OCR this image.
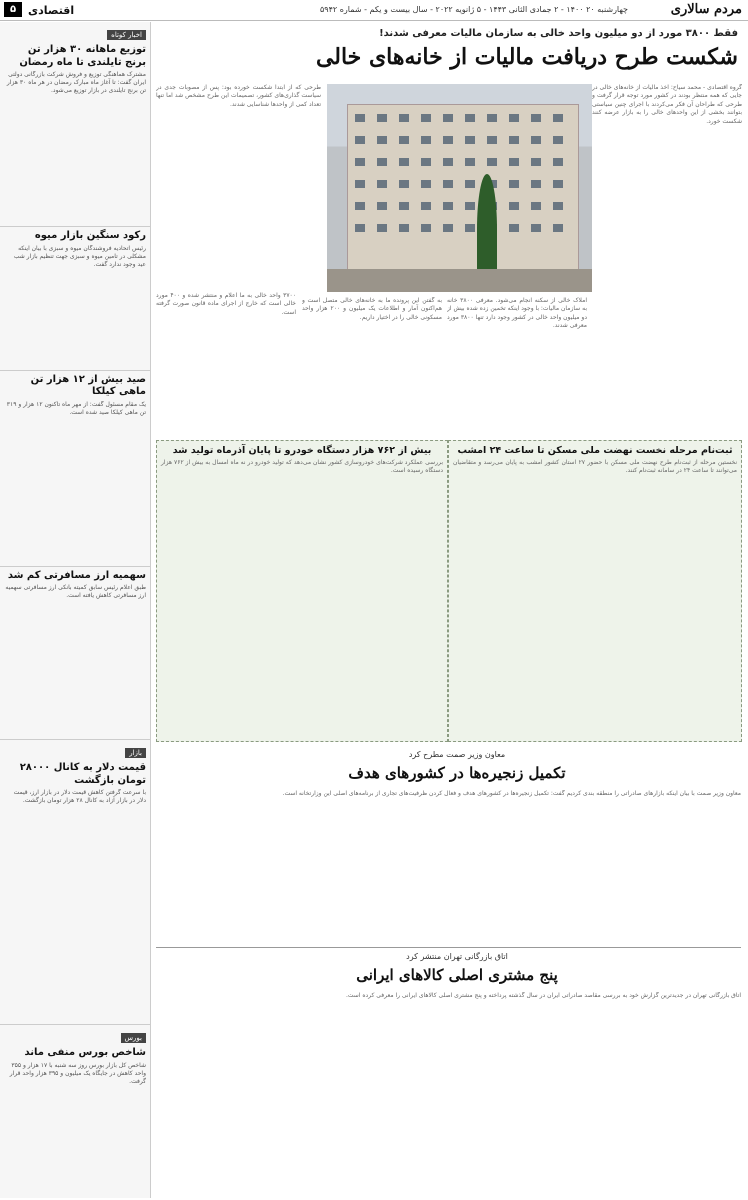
مردم سالاری
چهارشنبه ۲۰ ۱۴۰۰ - ۲ جمادی الثانی ۱۴۴۳ - ۵ ژانویه ۲۰۲۲ - سال بیست و یکم - شماره ۵۹۴۲
اقتصادی
۵
اخبار کوتاه
توزیع ماهانه ۳۰ هزار تن برنج تایلندی تا ماه رمضان
مشترک هماهنگی توزیع و فروش شرکت بازرگانی دولتی ایران گفت: تا آغاز ماه مبارک رمضان در هر ماه ۳۰ هزار تن برنج تایلندی در بازار توزیع می‌شود.
رکود سنگین بازار میوه
رئیس اتحادیه فروشندگان میوه و سبزی با بیان اینکه مشکلی در تامین میوه و سبزی جهت تنظیم بازار شب عید وجود ندارد گفت.
صید بیش از ۱۲ هزار تن ماهی کیلکا
یک مقام مسئول گفت: از مهر ماه تاکنون ۱۲ هزار و ۳۱۹ تن ماهی کیلکا صید شده است.
سهمیه ارز مسافرتی کم شد
طبق اعلام رئیس سابق کمیته بانکی ارز مسافرتی سهمیه ارز مسافرتی کاهش یافته است.
بازار
قیمت دلار به کانال ۲۸۰۰۰ تومان بازگشت
با سرعت گرفتن کاهش قیمت دلار در بازار ارز، قیمت دلار در بازار آزاد به کانال ۲۸ هزار تومان بازگشت.
بورس
شاخص بورس منفی ماند
شاخص کل بازار بورس روز سه شنبه با ۱۷ هزار و ۳۵۵ واحد کاهش در جایگاه یک میلیون و ۳۹۵ هزار واحد قرار گرفت.
فقط ۳۸۰۰ مورد از دو میلیون واحد خالی به سازمان مالیات معرفی شدند!
شکست طرح دریافت مالیات از خانه‌های خالی
گروه اقتصادی - محمد سیاح: اخذ مالیات از خانه‌های خالی در جایی که همه منتظر بودند در کشور مورد توجه قرار گرفت و طرحی که طراحان آن فکر می‌کردند با اجرای چنین سیاستی بتوانند بخشی از این واحدهای خالی را به بازار عرضه کنند شکست خورد.
طرحی که از ابتدا شکست خورده بود: پس از مصوبات جدی در سیاست گذاری‌های کشور، تصمیمات این طرح مشخص شد اما تنها تعداد کمی از واحدها شناسایی شدند.
املاک خالی از سکنه انجام می‌شود. معرفی ۳۸۰۰ خانه به سازمان مالیات: با وجود اینکه تخمین زده شده بیش از دو میلیون واحد خالی در کشور وجود دارد تنها ۳۸۰۰ مورد معرفی شدند.
به گفتن این پرونده ما به خانه‌های خالی متصل است و هم‌اکنون آمار و اطلاعات یک میلیون و ۲۰۰ هزار واحد مسکونی خالی را در اختیار داریم.
۳۷۰۰ واحد خالی به ما اعلام و منتشر شده و ۴۰۰ مورد خالی است که خارج از اجرای ماده قانون صورت گرفته است.
ثبت‌نام مرحله نخست نهضت ملی مسکن تا ساعت ۲۴ امشب
نخستین مرحله از ثبت‌نام طرح نهضت ملی مسکن با حضور ۲۷ استان کشور امشب به پایان می‌رسد و متقاضیان می‌توانند تا ساعت ۲۴ در سامانه ثبت‌نام کنند.
بیش از ۷۶۲ هزار دستگاه خودرو تا پایان آذرماه تولید شد
بررسی عملکرد شرکت‌های خودروسازی کشور نشان می‌دهد که تولید خودرو در نه ماه امسال به بیش از ۷۶۲ هزار دستگاه رسیده است.
معاون وزیر صمت مطرح کرد
تکمیل زنجیره‌ها در کشورهای هدف
معاون وزیر صمت با بیان اینکه بازارهای صادراتی را منطقه بندی کردیم گفت: تکمیل زنجیره‌ها در کشورهای هدف و فعال کردن ظرفیت‌های تجاری از برنامه‌های اصلی این وزارتخانه است.
اتاق بازرگانی تهران منتشر کرد
پنج مشتری اصلی کالاهای ایرانی
اتاق بازرگانی تهران در جدیدترین گزارش خود به بررسی مقاصد صادراتی ایران در سال گذشته پرداخته و پنج مشتری اصلی کالاهای ایرانی را معرفی کرده است.
